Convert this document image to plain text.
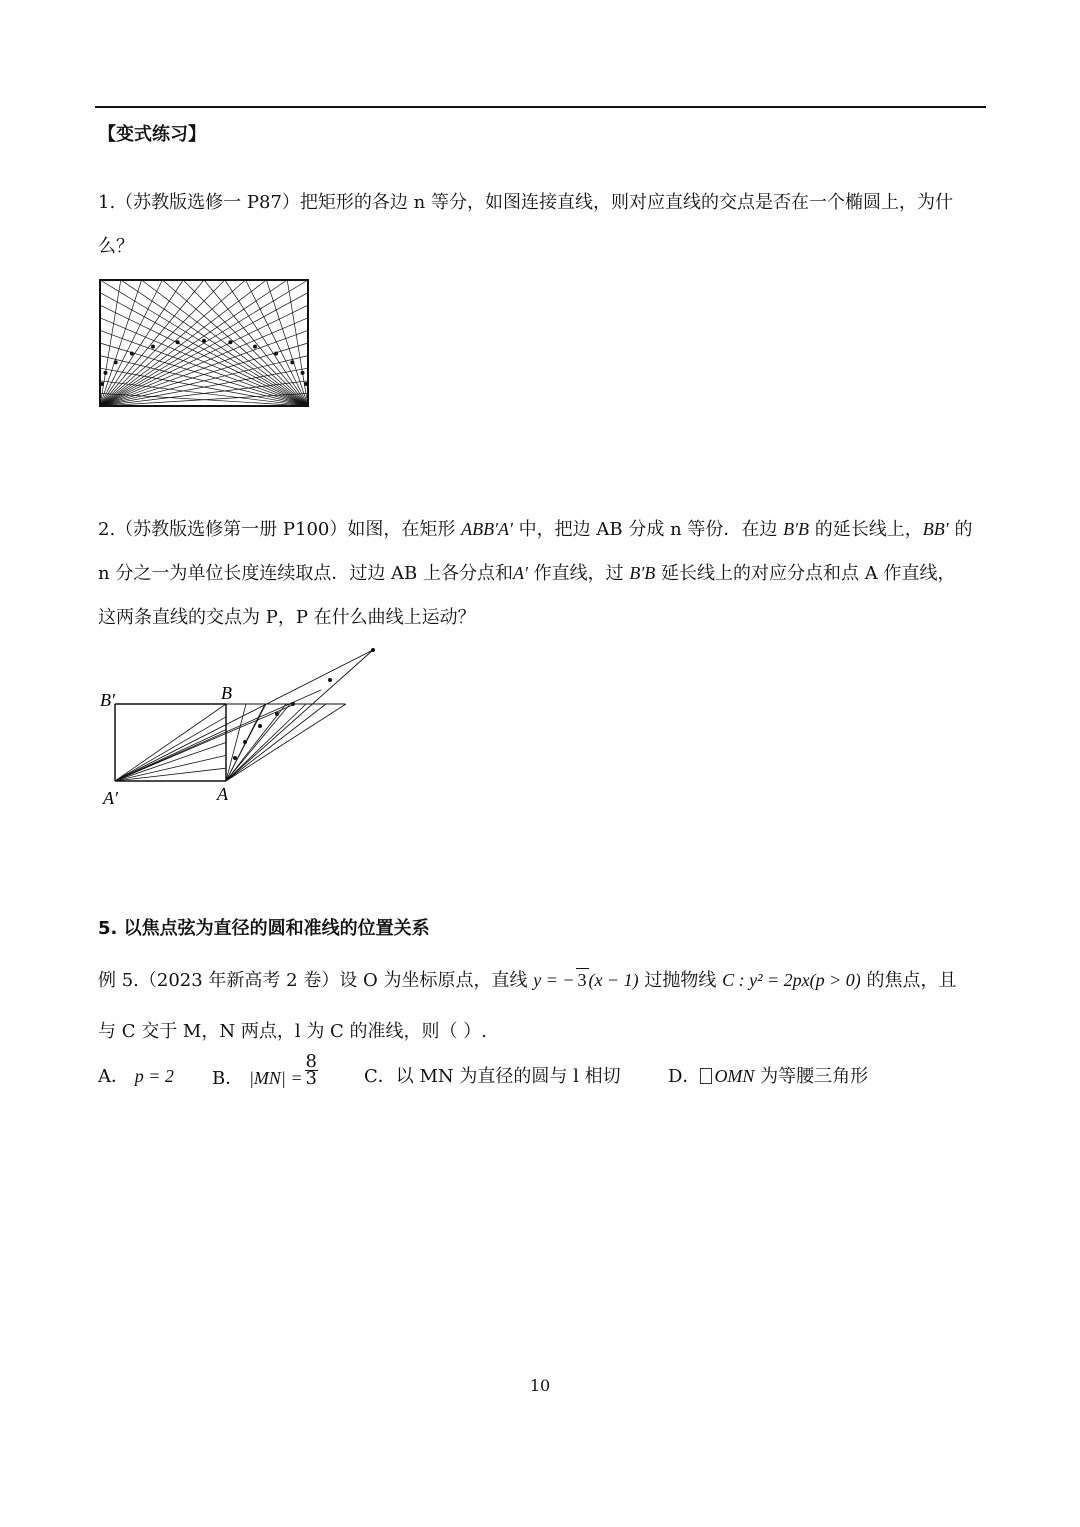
【变式练习】
1.（苏教版选修一 P87）把矩形的各边 n 等分，如图连接直线，则对应直线的交点是否在一个椭圆上，为什
么？
2.（苏教版选修第一册 P100）如图，在矩形 ABB′A′ 中，把边 AB 分成 n 等份．在边 B′B 的延长线上，BB′ 的
n 分之一为单位长度连续取点．过边 AB 上各分点和A′ 作直线，过 B′B 延长线上的对应分点和点 A 作直线，
这两条直线的交点为 P，P 在什么曲线上运动？
B′	B
A′	A
5. 以焦点弦为直径的圆和准线的位置关系
例 5.（2023 年新高考 2 卷）设 O 为坐标原点，直线 y = − 3 (x − 1) 过抛物线 C : y² = 2px(p > 0) 的焦点，且
与 C 交于 M，N 两点，l 为 C 的准线，则（ ）.
A． p = 2 B． $|MN| = \frac{8}{3}$	C．以 MN 为直径的圆与 l 相切	D． OMN 为等腰三角形
10
